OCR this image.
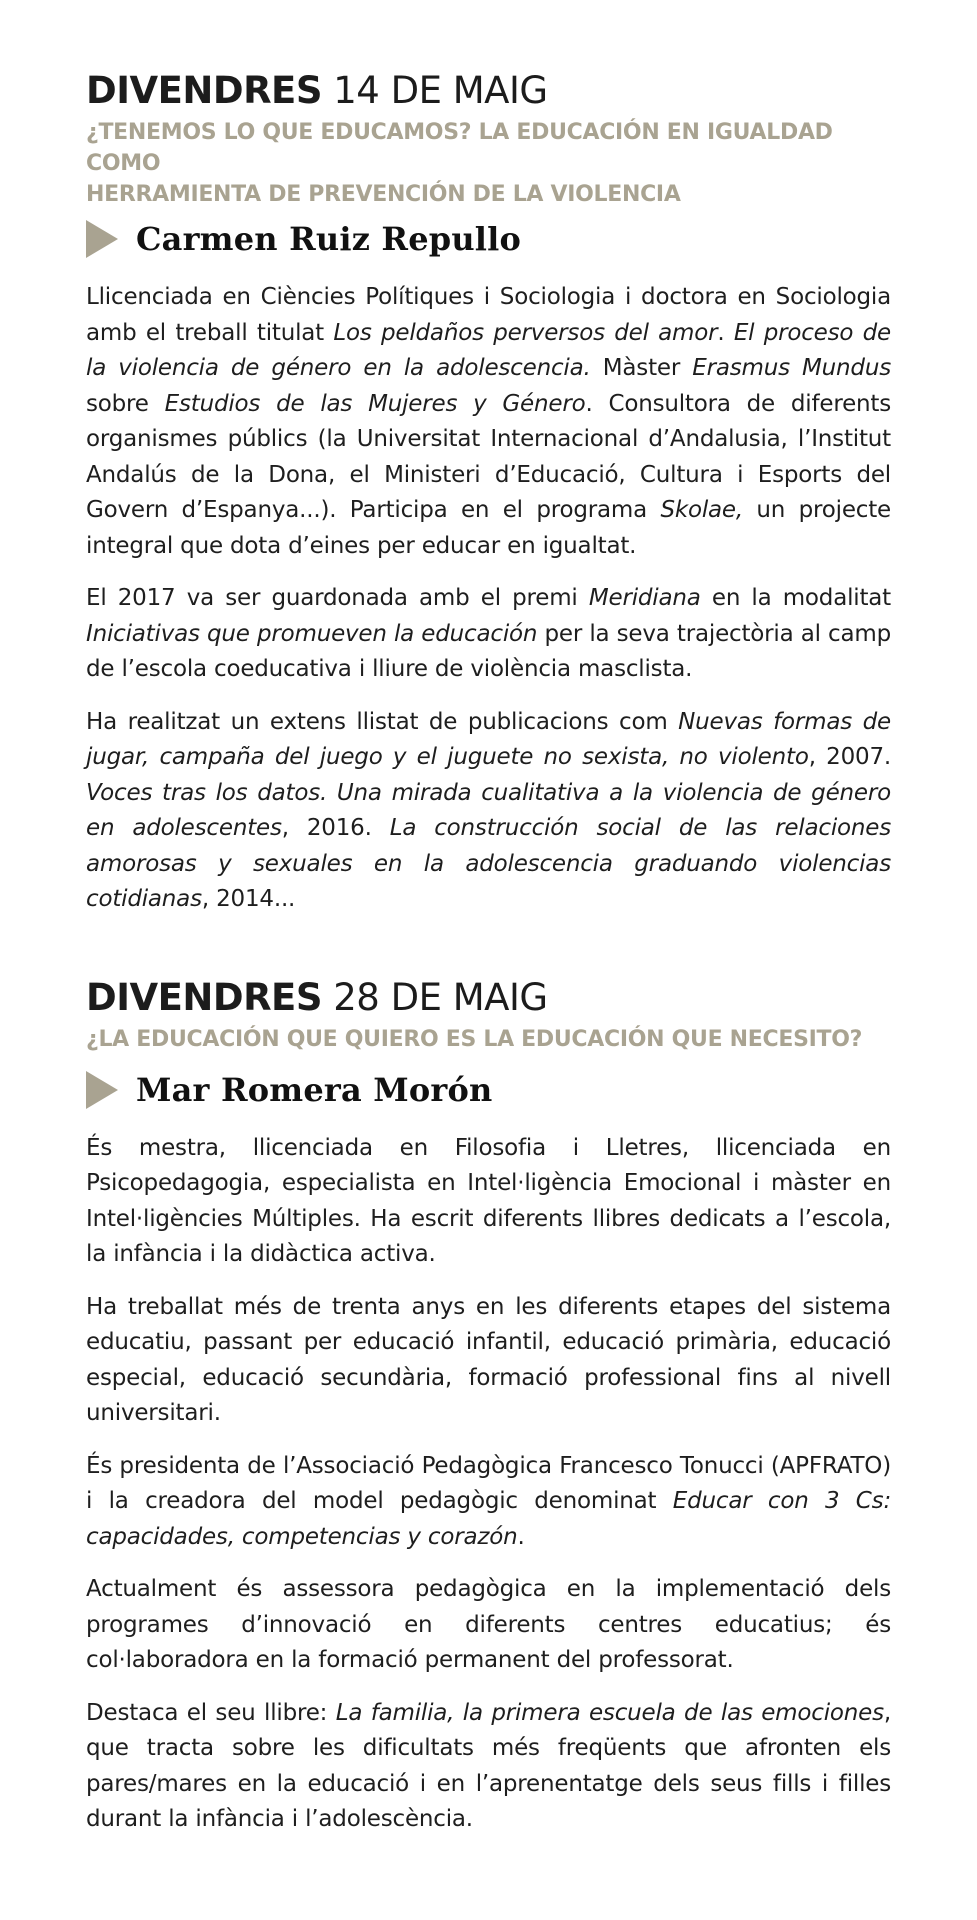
DIVENDRES 14 DE MAIG
¿TENEMOS LO QUE EDUCAMOS? LA EDUCACIÓN EN IGUALDAD COMO
HERRAMIENTA DE PREVENCIÓN DE LA VIOLENCIA
Carmen Ruiz Repullo

Llicenciada en Ciències Polítiques i Sociologia i doctora en Sociologia amb el treball titulat Los peldaños perversos del amor. El proceso de la violencia de género en la adolescencia. Màster Erasmus Mundus sobre Estudios de las Mujeres y Género. Consultora de diferents organismes públics (la Universitat Internacional d’Andalusia, l’Institut Andalús de la Dona, el Ministeri d’Educació, Cultura i Esports del Govern d’Espanya...). Participa en el programa Skolae, un projecte integral que dota d’eines per educar en igualtat.

El 2017 va ser guardonada amb el premi Meridiana en la modalitat Iniciativas que promueven la educación per la seva trajectòria al camp de l’escola coeducativa i lliure de violència masclista.

Ha realitzat un extens llistat de publicacions com Nuevas formas de jugar, campaña del juego y el juguete no sexista, no violento, 2007. Voces tras los datos. Una mirada cualitativa a la violencia de género en adolescentes, 2016. La construcción social de las relaciones amorosas y sexuales en la adolescencia graduando violencias cotidianas, 2014...

DIVENDRES 28 DE MAIG
¿LA EDUCACIÓN QUE QUIERO ES LA EDUCACIÓN QUE NECESITO?
Mar Romera Morón

És mestra, llicenciada en Filosofia i Lletres, llicenciada en Psicopedagogia, especialista en Intel·ligència Emocional i màster en Intel·ligències Múltiples. Ha escrit diferents llibres dedicats a l’escola, la infància i la didàctica activa.

Ha treballat més de trenta anys en les diferents etapes del sistema educatiu, passant per educació infantil, educació primària, educació especial, educació secundària, formació professional fins al nivell universitari.

És presidenta de l’Associació Pedagògica Francesco Tonucci (APFRATO) i la creadora del model pedagògic denominat Educar con 3 Cs: capacidades, competencias y corazón.

Actualment és assessora pedagògica en la implementació dels programes d’innovació en diferents centres educatius; és col·laboradora en la formació permanent del professorat.

Destaca el seu llibre: La familia, la primera escuela de las emociones, que tracta sobre les dificultats més freqüents que afronten els pares/mares en la educació i en l’aprenentatge dels seus fills i filles durant la infància i l’adolescència.
